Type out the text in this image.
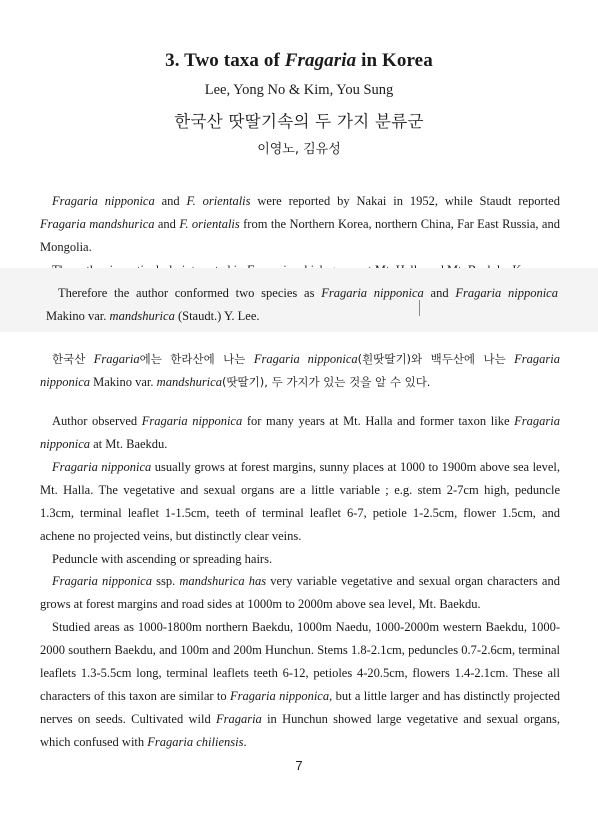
3. Two taxa of Fragaria in Korea
Lee, Yong No & Kim, You Sung
한국산 땃딸기속의 두 가지 분류군
이영노, 김유성

Fragaria nipponica and F. orientalis were reported by Nakai in 1952, while Staudt reported Fragaria mandshurica and F. orientalis from the Northern Korea, northern China, Far East Russia, and Mongolia.

Therefore the author conformed two species as Fragaria nipponica and Fragaria nipponica Makino var. mandshurica (Staudt.) Y. Lee.

한국산 Fragaria에는 한라산에 나는 Fragaria nipponica(흰땃딸기)와 백두산에 나는 Fragaria nipponica Makino var. mandshurica(땃딸기), 두 가지가 있는 것을 알 수 있다.

Author observed Fragaria nipponica for many years at Mt. Halla and former taxon like Fragaria nipponica at Mt. Baekdu.

Fragaria nipponica usually grows at forest margins, sunny places at 1000 to 1900m above sea level, Mt. Halla. The vegetative and sexual organs are a little variable ; e.g. stem 2-7cm high, peduncle 1.3cm, terminal leaflet 1-1.5cm, teeth of terminal leaflet 6-7, petiole 1-2.5cm, flower 1.5cm, and achene no projected veins, but distinctly clear veins.

Peduncle with ascending or spreading hairs.

Fragaria nipponica ssp. mandshurica has very variable vegetative and sexual organ characters and grows at forest margins and road sides at 1000m to 2000m above sea level, Mt. Baekdu.

Studied areas as 1000-1800m northern Baekdu, 1000m Naedu, 1000-2000m western Baekdu, 1000-2000 southern Baekdu, and 100m and 200m Hunchun. Stems 1.8-2.1cm, peduncles 0.7-2.6cm, terminal leaflets 1.3-5.5cm long, terminal leaflets teeth 6-12, petioles 4-20.5cm, flowers 1.4-2.1cm. These all characters of this taxon are similar to Fragaria nipponica, but a little larger and has distinctly projected nerves on seeds. Cultivated wild Fragaria in Hunchun showed large vegetative and sexual organs, which confused with Fragaria chiliensis.

7
